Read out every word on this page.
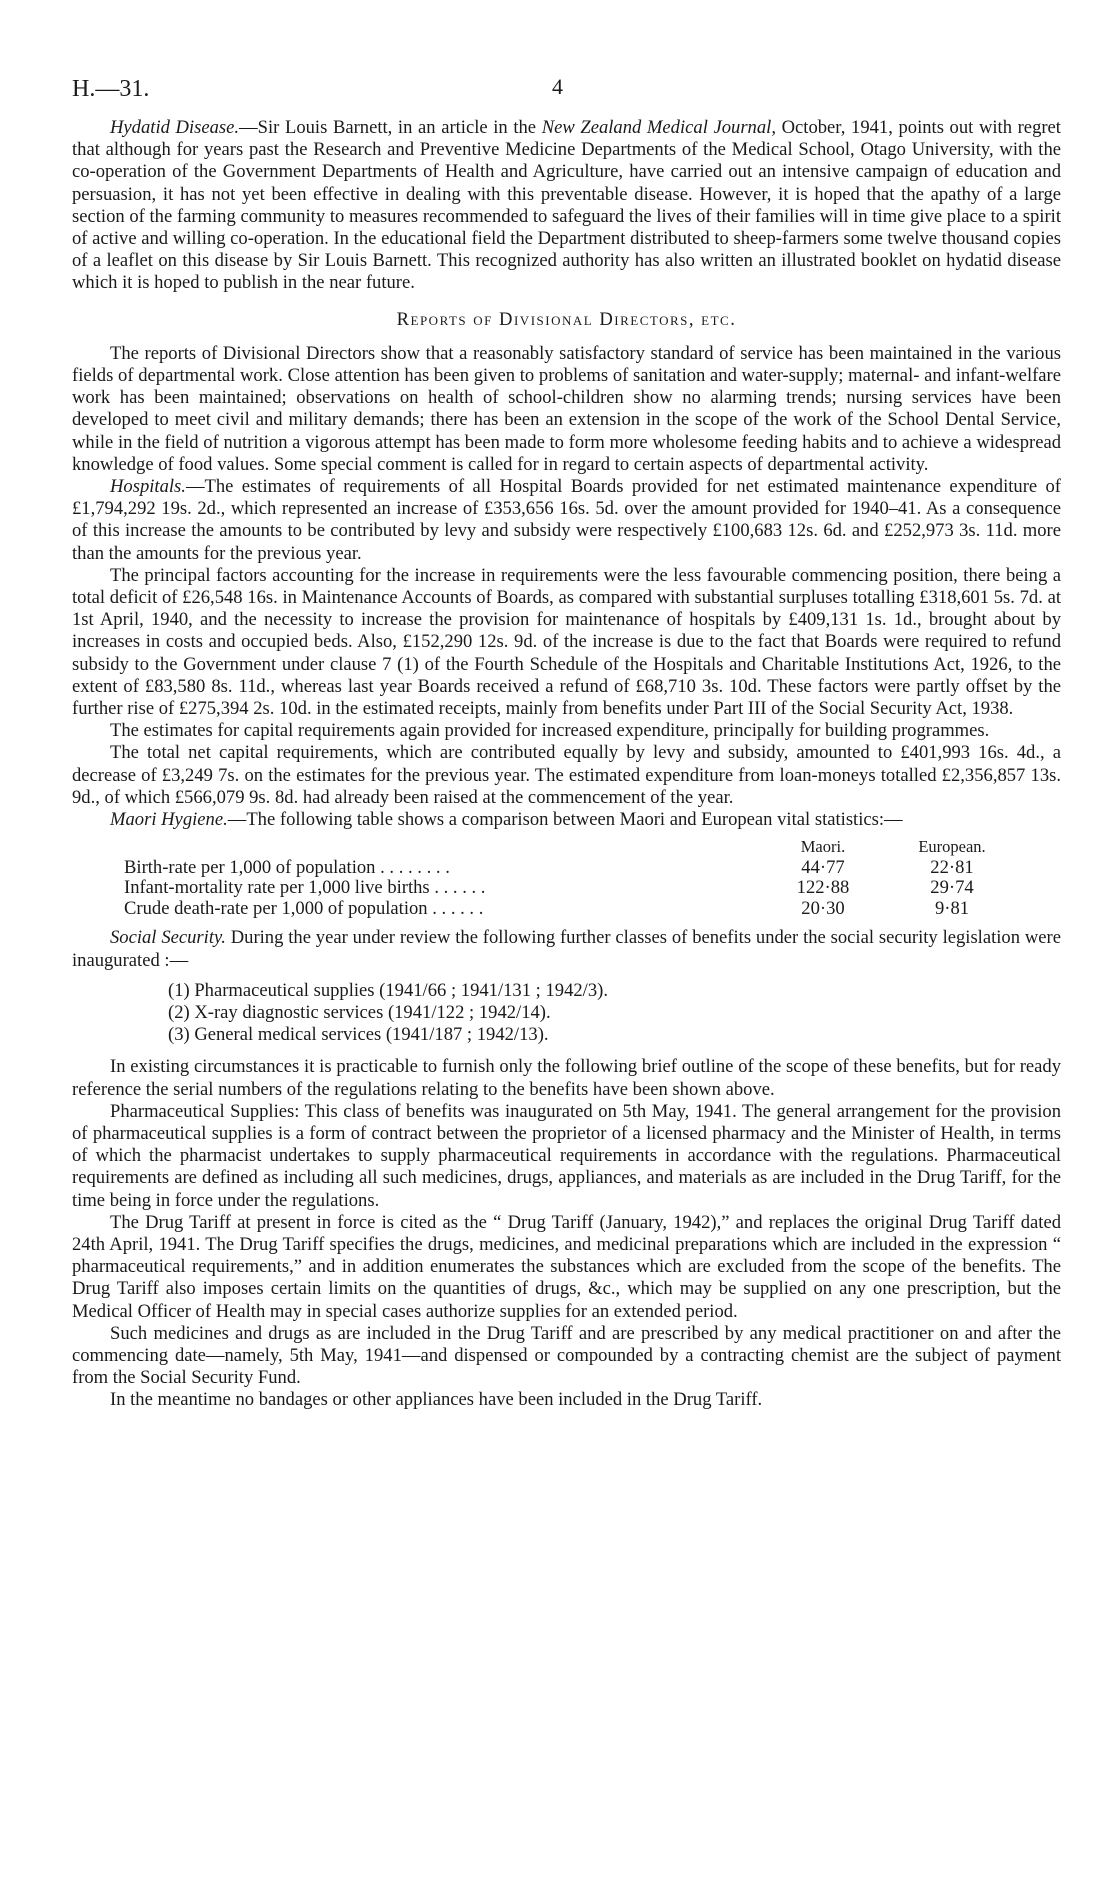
H.—31.	4

Hydatid Disease.—Sir Louis Barnett, in an article in the New Zealand Medical Journal, October, 1941, points out with regret that although for years past the Research and Preventive Medicine Departments of the Medical School, Otago University, with the co-operation of the Government Departments of Health and Agriculture, have carried out an intensive campaign of education and persuasion, it has not yet been effective in dealing with this preventable disease. However, it is hoped that the apathy of a large section of the farming community to measures recommended to safeguard the lives of their families will in time give place to a spirit of active and willing co-operation. In the educational field the Department distributed to sheep-farmers some twelve thousand copies of a leaflet on this disease by Sir Louis Barnett. This recognized authority has also written an illustrated booklet on hydatid disease which it is hoped to publish in the near future.

Reports of Divisional Directors, etc.

The reports of Divisional Directors show that a reasonably satisfactory standard of service has been maintained in the various fields of departmental work. Close attention has been given to problems of sanitation and water-supply; maternal- and infant-welfare work has been maintained; observations on health of school-children show no alarming trends; nursing services have been developed to meet civil and military demands; there has been an extension in the scope of the work of the School Dental Service, while in the field of nutrition a vigorous attempt has been made to form more wholesome feeding habits and to achieve a widespread knowledge of food values. Some special comment is called for in regard to certain aspects of departmental activity.

Hospitals.—The estimates of requirements of all Hospital Boards provided for net estimated maintenance expenditure of £1,794,292 19s. 2d., which represented an increase of £353,656 16s. 5d. over the amount provided for 1940–41. As a consequence of this increase the amounts to be contributed by levy and subsidy were respectively £100,683 12s. 6d. and £252,973 3s. 11d. more than the amounts for the previous year.

The principal factors accounting for the increase in requirements were the less favourable commencing position, there being a total deficit of £26,548 16s. in Maintenance Accounts of Boards, as compared with substantial surpluses totalling £318,601 5s. 7d. at 1st April, 1940, and the necessity to increase the provision for maintenance of hospitals by £409,131 1s. 1d., brought about by increases in costs and occupied beds. Also, £152,290 12s. 9d. of the increase is due to the fact that Boards were required to refund subsidy to the Government under clause 7 (1) of the Fourth Schedule of the Hospitals and Charitable Institutions Act, 1926, to the extent of £83,580 8s. 11d., whereas last year Boards received a refund of £68,710 3s. 10d. These factors were partly offset by the further rise of £275,394 2s. 10d. in the estimated receipts, mainly from benefits under Part III of the Social Security Act, 1938.

The estimates for capital requirements again provided for increased expenditure, principally for building programmes.

The total net capital requirements, which are contributed equally by levy and subsidy, amounted to £401,993 16s. 4d., a decrease of £3,249 7s. on the estimates for the previous year. The estimated expenditure from loan-moneys totalled £2,356,857 13s. 9d., of which £566,079 9s. 8d. had already been raised at the commencement of the year.

Maori Hygiene.—The following table shows a comparison between Maori and European vital statistics:—

	Maori.	European.
Birth-rate per 1,000 of population . . . . . . . .	44·77	22·81
Infant-mortality rate per 1,000 live births . . . . . .	122·88	29·74
Crude death-rate per 1,000 of population . . . . . .	20·30	9·81

Social Security. During the year under review the following further classes of benefits under the social security legislation were inaugurated :—

(1) Pharmaceutical supplies (1941/66 ; 1941/131 ; 1942/3).
(2) X-ray diagnostic services (1941/122 ; 1942/14).
(3) General medical services (1941/187 ; 1942/13).

In existing circumstances it is practicable to furnish only the following brief outline of the scope of these benefits, but for ready reference the serial numbers of the regulations relating to the benefits have been shown above.

Pharmaceutical Supplies: This class of benefits was inaugurated on 5th May, 1941. The general arrangement for the provision of pharmaceutical supplies is a form of contract between the proprietor of a licensed pharmacy and the Minister of Health, in terms of which the pharmacist undertakes to supply pharmaceutical requirements in accordance with the regulations. Pharmaceutical requirements are defined as including all such medicines, drugs, appliances, and materials as are included in the Drug Tariff, for the time being in force under the regulations.

The Drug Tariff at present in force is cited as the “ Drug Tariff (January, 1942),” and replaces the original Drug Tariff dated 24th April, 1941. The Drug Tariff specifies the drugs, medicines, and medicinal preparations which are included in the expression “ pharmaceutical requirements,” and in addition enumerates the substances which are excluded from the scope of the benefits. The Drug Tariff also imposes certain limits on the quantities of drugs, &c., which may be supplied on any one prescription, but the Medical Officer of Health may in special cases authorize supplies for an extended period.

Such medicines and drugs as are included in the Drug Tariff and are prescribed by any medical practitioner on and after the commencing date—namely, 5th May, 1941—and dispensed or compounded by a contracting chemist are the subject of payment from the Social Security Fund.

In the meantime no bandages or other appliances have been included in the Drug Tariff.
